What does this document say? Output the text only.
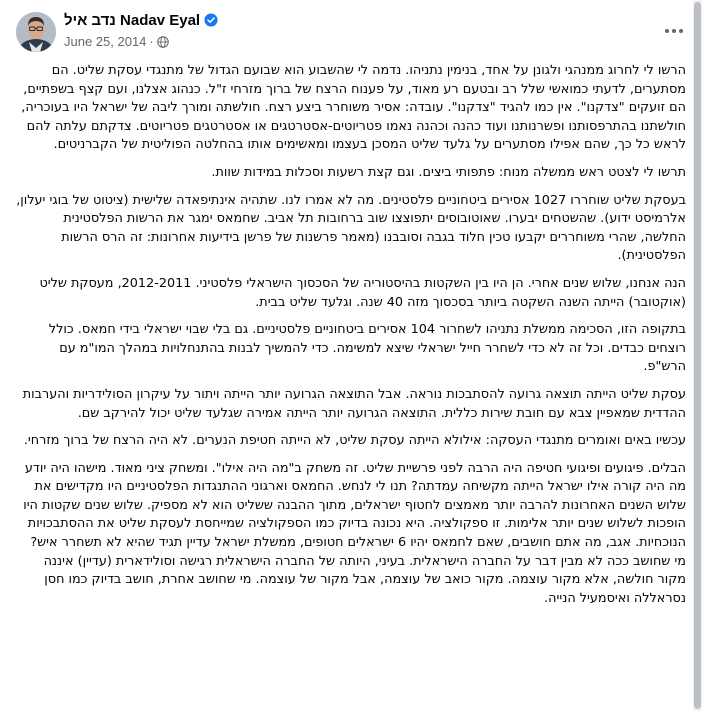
נדב איל Nadav Eyal
June 25, 2014 ·

הרשו לי לחרוג ממנהגי ולגונן על אחד, בנימין נתניהו. נדמה לי שהשבוע הוא שבועם הגדול של מתנגדי עסקת שליט. הם מסתערים, לדעתי כמואשי שלל רב ובטעם רע מאוד, על פענוח הרצח של ברוך מזרחי ז"ל. כנהוג אצלנו, ועם קצף בשפתיים, הם זועקים "צדקנו". אין כמו להגיד "צדקנו". עובדה: אסיר משוחרר ביצע רצח. חולשתה ומורך ליבה של ישראל היו בעוכריה, חולשתנו בהתרפסותנו ופשרנותנו ועוד כהנה וכהנה נאמו פטריוטים-אסטרטגים או אסטרטגים פטריוטים. צדקתם עלתה להם לראש כל כך, שהם אפילו מסתערים על גלעד שליט המסכן בעצמו ומאשימים אותו בהחלטה הפוליטית של הקברניטים.

תרשו לי לצטט ראש ממשלה מנוח: פתפותי ביצים. וגם קצת רשעות וסכלות במידות שוות.

בעסקת שליט שוחררו 1027 אסירים ביטחוניים פלסטינים. מה לא אמרו לנו. שתהיה אינתיפאדה שלישית (ציטוט של בוגי יעלון, אלרמיסט ידוע). שהשטחים יבערו. שאוטובוסים יתפוצצו שוב ברחובות תל אביב. שחמאס ימגר את הרשות הפלסטינית החלשה, שהרי משוחררים יקבעו טכין חלוד בגבה וסובבנו (מאמר פרשנות של פרשן בידיעות אחרונות: זה הרס הרשות הפלסטינית).

הנה אנחנו, שלוש שנים אחרי. הן היו בין השקטות בהיסטוריה של הסכסוך הישראלי פלסטיני. 2012-2011, מעסקת שליט (אוקטובר) הייתה השנה השקטה ביותר בסכסוך מזה 40 שנה. וגלעד שליט בבית.

בתקופה הזו, הסכימה ממשלת נתניהו לשחרור 104 אסירים ביטחוניים פלסטיניים. גם בלי שבוי ישראלי בידי חמאס. כולל רוצחים כבדים. וכל זה לא כדי לשחרר חייל ישראלי שיצא למשימה. כדי להמשיך לבנות בהתנחלויות במהלך המו"מ עם הרש"פ.

עסקת שליט הייתה תוצאה גרועה להסתבכות נוראה. אבל התוצאה הגרועה יותר הייתה ויתור על עיקרון הסולידריות והערבות ההדדית שמאפיין צבא עם חובת שירות כללית. התוצאה הגרועה יותר הייתה אמירה שגלעד שליט יכול להירקב שם.

עכשיו באים ואומרים מתנגדי העסקה: אילולא הייתה עסקת שליט, לא הייתה חטיפת הנערים. לא היה הרצח של ברוך מזרחי.

הבלים. פיגועים ופיגועי חטיפה היה הרבה לפני פרשיית שליט. זה משחק ב"מה היה אילו". ומשחק ציני מאוד. מישהו היה יודע מה היה קורה אילו ישראל הייתה מקשיחה עמדתה? תנו לי לנחש. החמאס וארגוני ההתנגדות הפלסטיניים היו מקדישים את שלוש השנים האחרונות להרבה יותר מאמצים לחטוף ישראלים, מתוך ההבנה ששליט הוא לא מספיק. שלוש שנים שקטות היו הופכות לשלוש שנים יותר אלימות. זו ספקולציה. היא נכונה בדיוק כמו הספקולציה שמייחסת לעסקת שליט את ההסתבכויות הנוכחיות. אגב, מה אתם חושבים, שאם לחמאס יהיו 6 ישראלים חטופים, ממשלת ישראל עדיין תגיד שהיא לא תשחרר איש? מי שחושב ככה לא מבין דבר על החברה הישראלית. בעיני, היותה של החברה הישראלית רגישה וסולידארית (עדיין) איננה מקור חולשה, אלא מקור עוצמה. מקור כואב של עוצמה, אבל מקור של עוצמה. מי שחושב אחרת, חושב בדיוק כמו חסן נסראללה ואיסמעיל הנייה.
